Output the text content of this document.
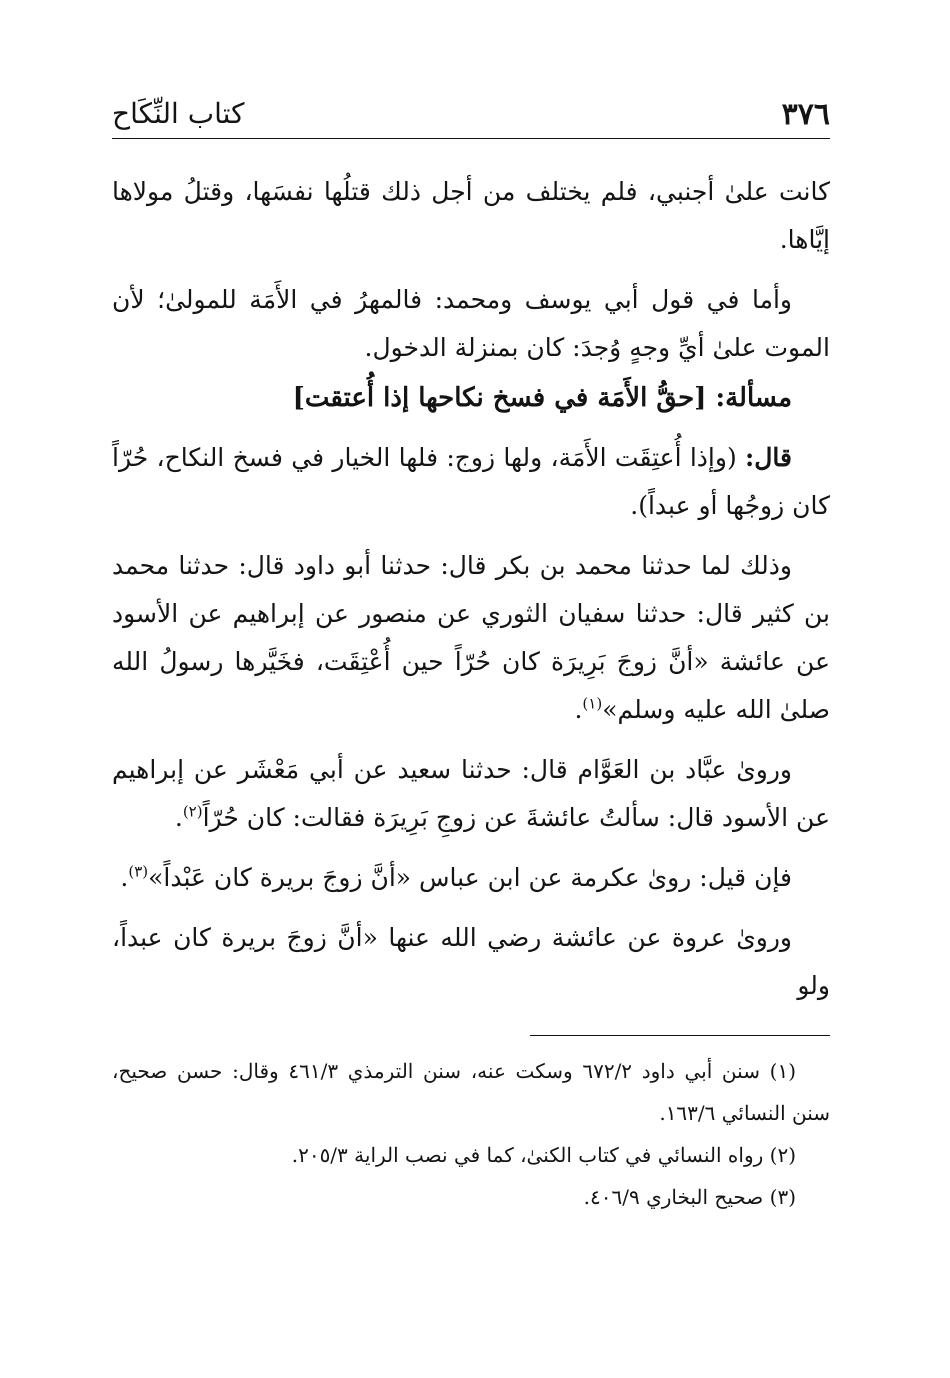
٣٧٦
كتاب النِّكَاح

كانت علىٰ أجنبي، فلم يختلف من أجل ذلك قتلُها نفسَها، وقتلُ مولاها إيَّاها.

وأما في قول أبي يوسف ومحمد: فالمهرُ في الأَمَة للمولىٰ؛ لأن الموت علىٰ أيِّ وجهٍ وُجدَ: كان بمنزلة الدخول.

مسألة: [حقُّ الأَمَة في فسخ نكاحها إذا أُعتقت]

قال: (وإذا أُعتِقَت الأَمَة، ولها زوج: فلها الخيار في فسخ النكاح، حُرّاً كان زوجُها أو عبداً).

وذلك لما حدثنا محمد بن بكر قال: حدثنا أبو داود قال: حدثنا محمد بن كثير قال: حدثنا سفيان الثوري عن منصور عن إبراهيم عن الأسود عن عائشة «أنَّ زوجَ بَرِيرَة كان حُرّاً حين أُعْتِقَت، فخَيَّرها رسولُ الله صلىٰ الله عليه وسلم»$^{(١)}$.

ورویٰ عبَّاد بن العَوَّام قال: حدثنا سعيد عن أبي مَعْشَر عن إبراهيم عن الأسود قال: سألتُ عائشةَ عن زوجِ بَرِيرَة فقالت: كان حُرّاً$^{(٢)}$.

فإن قيل: رویٰ عكرمة عن ابن عباس «أنَّ زوجَ بريرة كان عَبْداً»$^{(٣)}$.

ورویٰ عروة عن عائشة رضي الله عنها «أنَّ زوجَ بريرة كان عبداً، ولو

(١) سنن أبي داود ٦٧٢/٢ وسكت عنه، سنن الترمذي ٤٦١/٣ وقال: حسن صحيح، سنن النسائي ١٦٣/٦.

(٢) رواه النسائي في كتاب الكنىٰ، كما في نصب الراية ٢٠٥/٣.

(٣) صحيح البخاري ٤٠٦/٩.
